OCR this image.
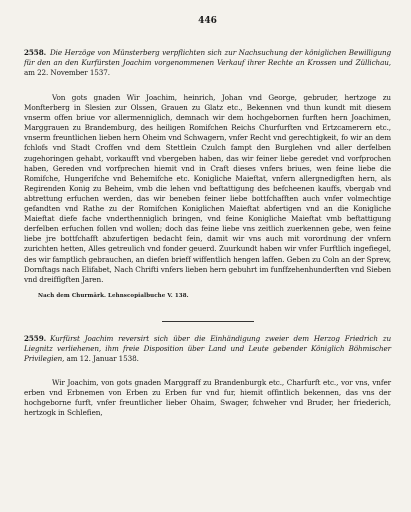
446
2558. Die Herzöge von Münsterberg verpflichten sich zur Nachsuchung der königlichen Bewilligung für den an den Kurfürsten Joachim vorgenommenen Verkauf ihrer Rechte an Krossen und Züllichau, am 22. November 1537.

Von gots gnaden Wir Joachim, heinrich, Johan vnd George, gebruder, hertzoge zu Monfterberg in Slesien zur Olssen, Grauen zu Glatz etc., Bekennen vnd thun kundt mit diesem vnserm offen briue vor allermenniglich, demnach wir dem hochgebornen furften hern Joachimen, Marggrauen zu Brandemburg, des heiligen Romifchen Reichs Churfurften vnd Ertzcamerern etc., vnserm freuntlichen lieben hern Oheim vnd Schwagern, vnfer Recht vnd gerechtigkeit, fo wir an dem fchlofs vnd Stadt Croffen vnd dem Stettlein Czulch fampt den Burglehen vnd aller derfelben zugehoringen gehabt, vorkaufft vnd vbergeben haben, das wir feiner liebe geredet vnd vorfprochen haben, Gereden vnd vorfprechen hiemit vnd in Craft dieses vnfers briues, wen feine liebe die Romifche, Hungerifche vnd Behemifche etc. Konigliche Maieftat, vnfern allergnedigften hern, als Regirenden Konig zu Beheim, vmb die lehen vnd beftattigung des befcheenen kauffs, vbergab vnd abtrettung erfuchen werden, das wir beneben feiner liebe bottfchafften auch vnfer volmechtige gefandten vnd Rathe zu der Romifchen Koniglichen Maieftat abfertigen vnd an die Konigliche Maieftat diefe fache vnderthenniglich bringen, vnd feine Konigliche Maieftat vmb beftattigung derfelben erfuchen follen vnd wollen; doch das feine liebe vns zeitlich zuerkennen gebe, wen feine liebe jre bottfchafft abzufertigen bedacht fein, damit wir vns auch mit vorordnung der vnfern zurichten hetten, Alles getreulich vnd fonder geuerd. Zuurkundt haben wir vnfer Furftlich ingefiegel, des wir famptlich gebrauchen, an diefen brieff wiffentlich hengen laffen. Geben zu Coln an der Sprew, Dornftags nach Elifabet, Nach Chrifti vnfers lieben hern gebuhrt im funffzehenhunderften vnd Sieben vnd dreiffigften Jaren.

Nach dem Churmärk. Lehnscopialbuche V. 138.
2559. Kurfürst Joachim reversirt sich über die Einhändigung zweier dem Herzog Friedrich zu Liegnitz verliehenen, ihm freie Disposition über Land und Leute gebender Königlich Böhmischer Privilegien, am 12. Januar 1538.

Wir Joachim, von gots gnaden Marggraff zu Brandenburgk etc., Charfurft etc., vor vns, vnfer erben vnd Erbnemen von Erben zu Erben fur vnd fur, hiemit offintlich bekennen, das vns der hochgeborne furft, vnfer freuntlicher lieber Ohaim, Swager, fchweher vnd Bruder, her friederich, hertzogk in Schlefien,
